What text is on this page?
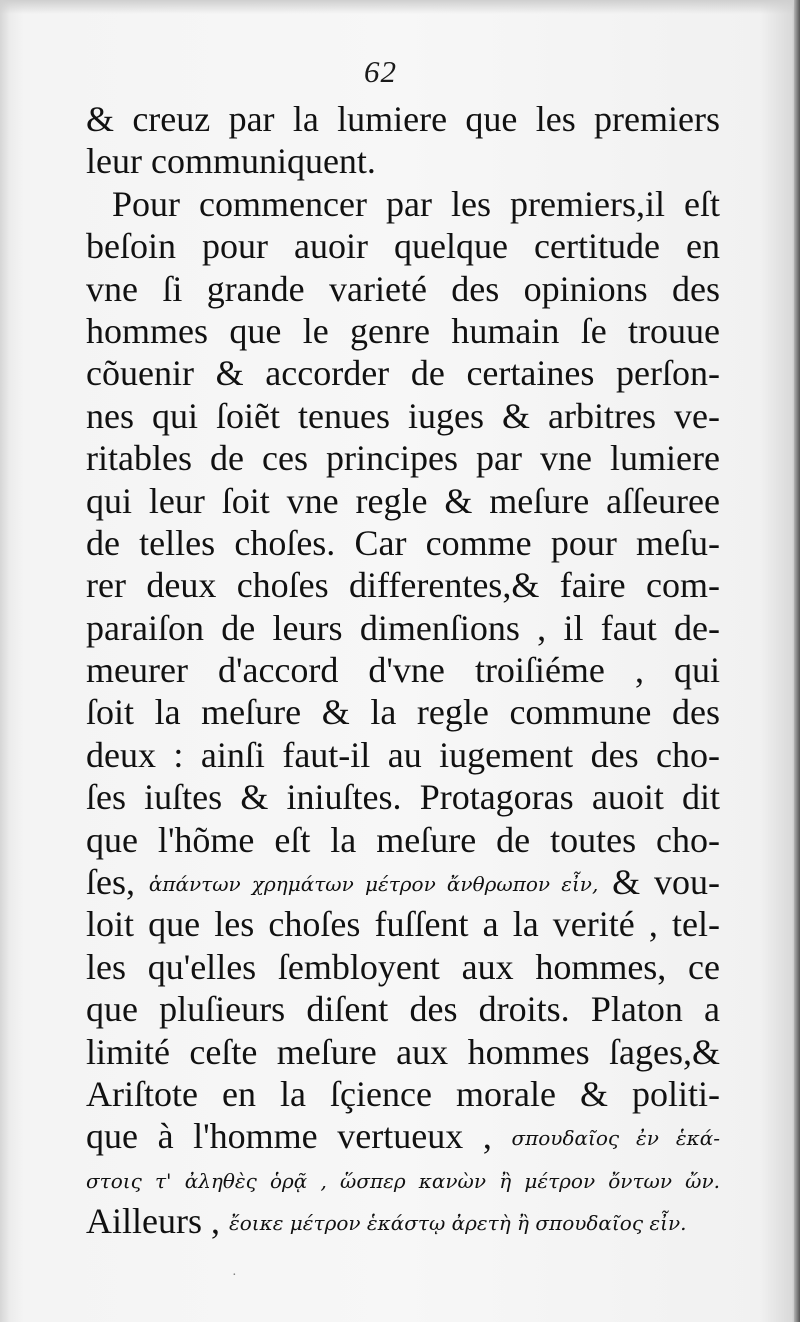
62
& creuz par la lumiere que les premiers
leur communiquent.
Pour commencer par les premiers,il eſt
beſoin pour auoir quelque certitude en
vne ſi grande varieté des opinions des
hommes que le genre humain ſe trouue
cõuenir & accorder de certaines perſon-
nes qui ſoiẽt tenues iuges & arbitres ve-
ritables de ces principes par vne lumiere
qui leur ſoit vne regle & meſure aſſeuree
de telles choſes. Car comme pour meſu-
rer deux choſes differentes,& faire com-
paraiſon de leurs dimenſions , il faut de-
meurer d'accord d'vne troiſiéme , qui
ſoit la meſure & la regle commune des
deux : ainſi faut-il au iugement des cho-
ſes iuſtes & iniuſtes. Protagoras auoit dit
que l'hõme eſt la meſure de toutes cho-
ſes, ἁπάντων χρημάτων μέτρον ἄνθρωπον εἶν, & vou-
loit que les choſes fuſſent a la verité , tel-
les qu'elles ſembloyent aux hommes, ce
que pluſieurs diſent des droits. Platon a
limité ceſte meſure aux hommes ſages,&
Ariſtote en la ſçience morale & politi-
que à l'homme vertueux , σπουδαῖος ἐν ἑκά-
στοις τ' ἀληθὲς ὁρᾷ , ὥσπερ κανὼν ἢ μέτρον ὄντων ὤν.
Ailleurs , ἔοικε μέτρον ἑκάστῳ ἀρετὴ ἢ σπουδαῖος εἶν.
·
